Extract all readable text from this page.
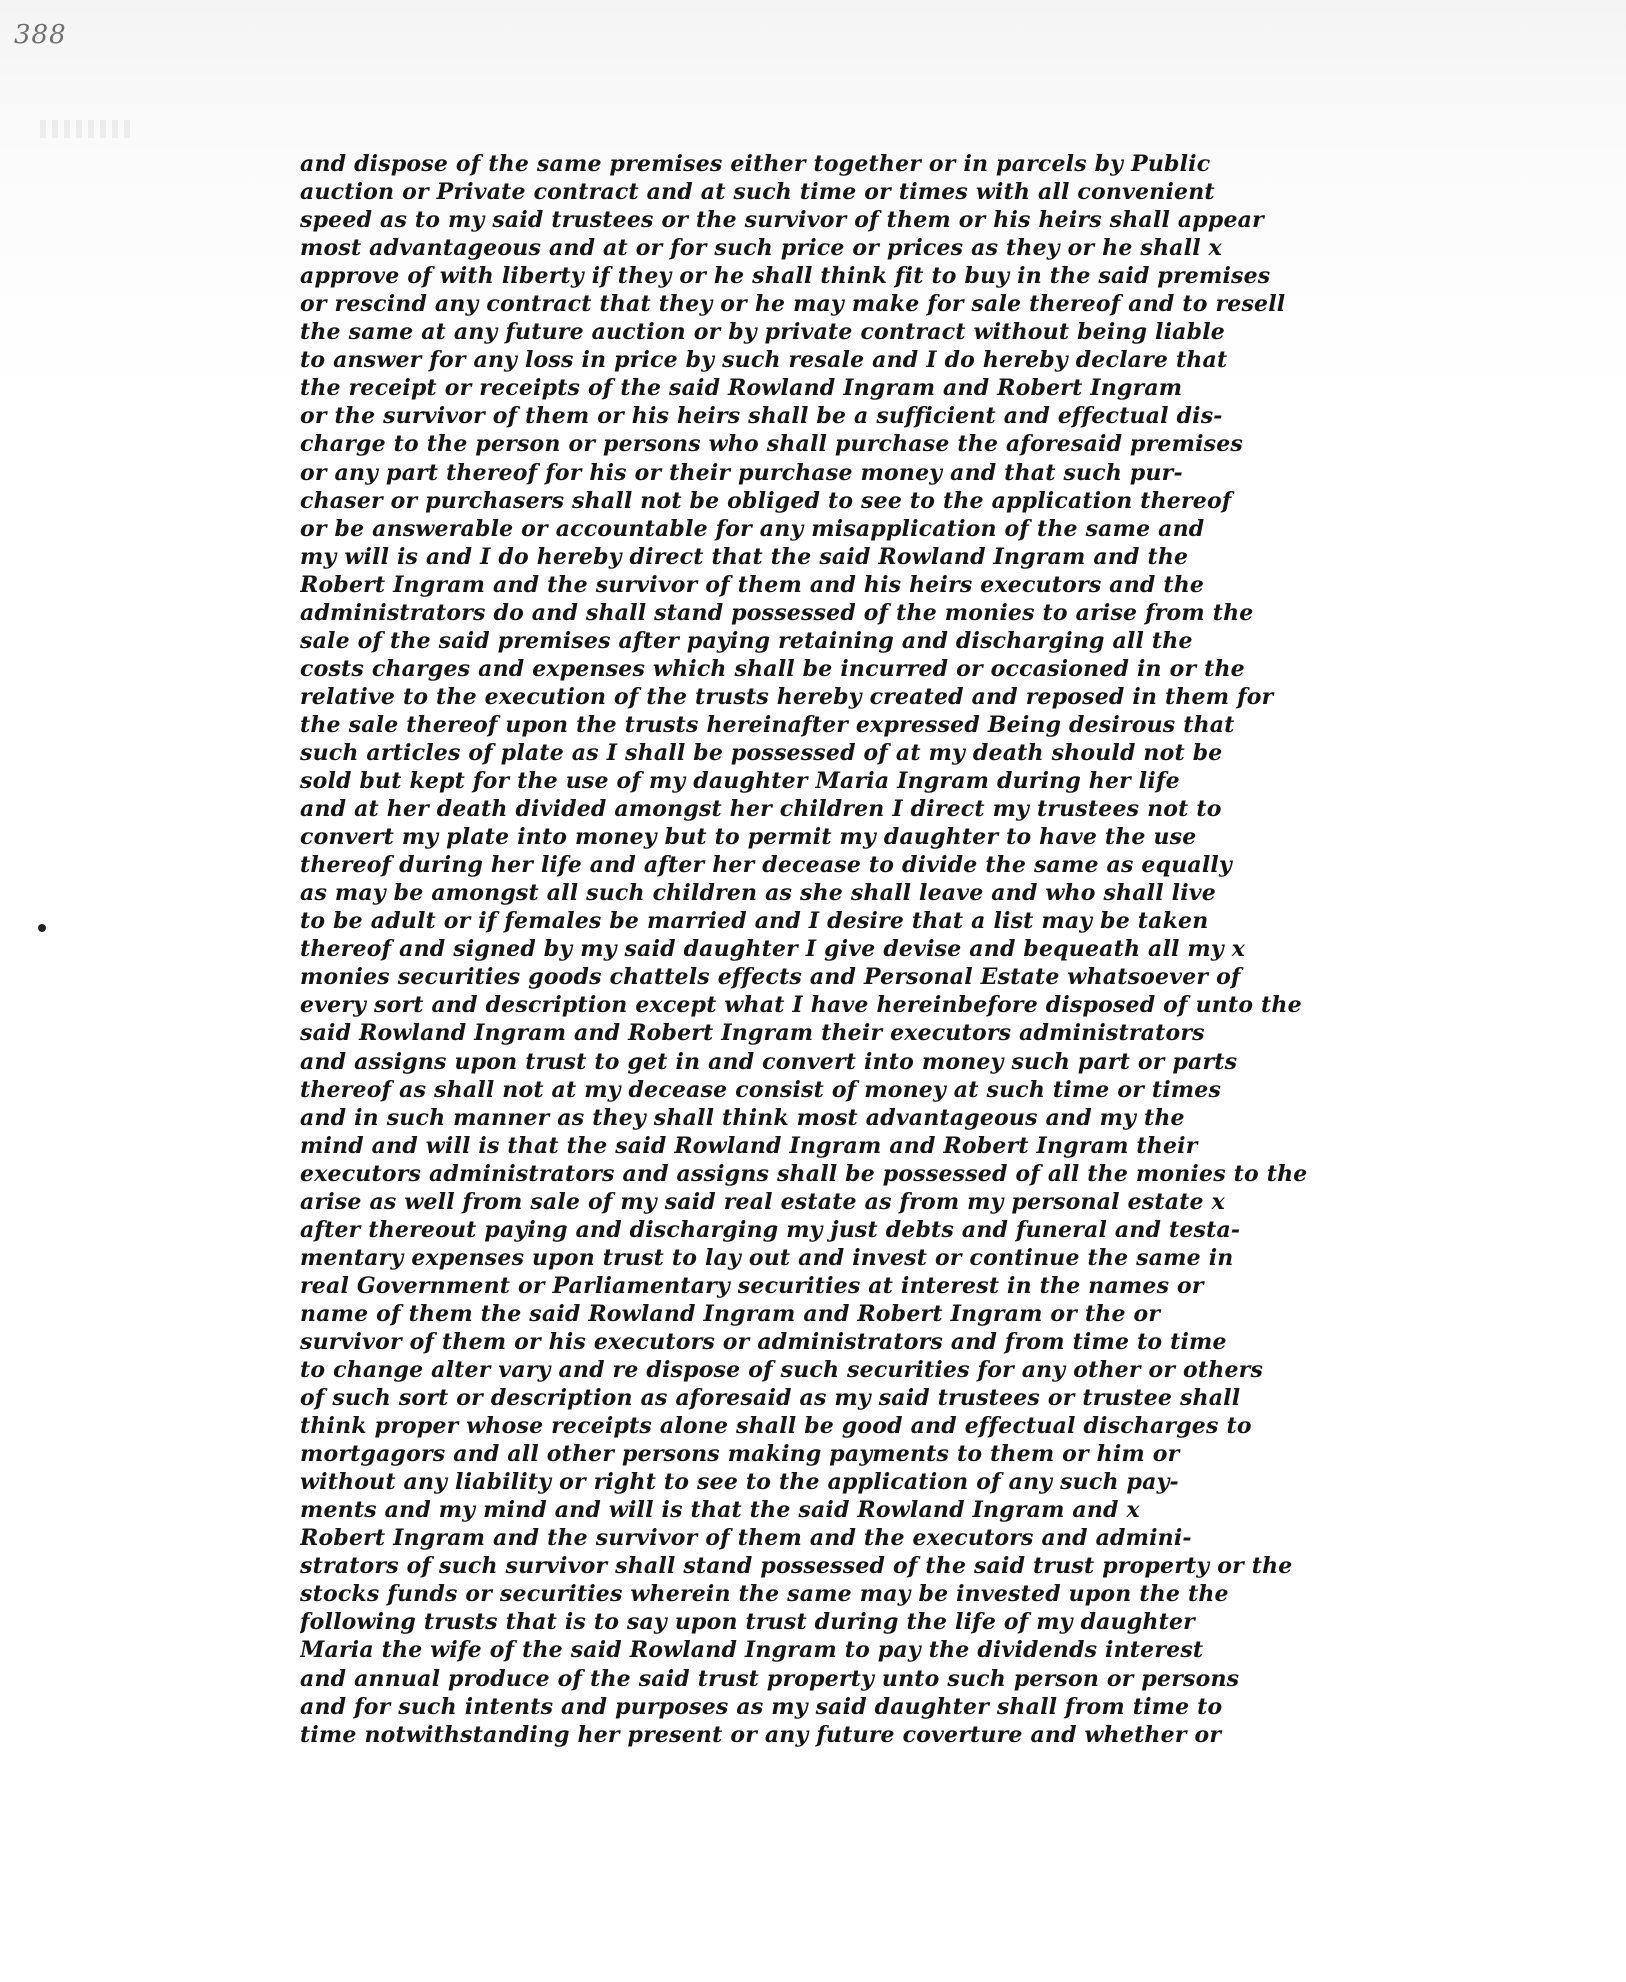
388
and dispose of the same premises either together or in parcels by Public
auction or Private contract and at such time or times with all convenient
speed as to my said trustees or the survivor of them or his heirs shall appear
most advantageous and at or for such price or prices as they or he shall x
approve of with liberty if they or he shall think fit to buy in the said premises
or rescind any contract that they or he may make for sale thereof and to resell
the same at any future auction or by private contract without being liable
to answer for any loss in price by such resale and I do hereby declare that
the receipt or receipts of the said Rowland Ingram and Robert Ingram
or the survivor of them or his heirs shall be a sufficient and effectual dis-
charge to the person or persons who shall purchase the aforesaid premises
or any part thereof for his or their purchase money and that such pur-
chaser or purchasers shall not be obliged to see to the application thereof
or be answerable or accountable for any misapplication of the same and
my will is and I do hereby direct that the said Rowland Ingram and the
Robert Ingram and the survivor of them and his heirs executors and the
administrators do and shall stand possessed of the monies to arise from the
sale of the said premises after paying retaining and discharging all the
costs charges and expenses which shall be incurred or occasioned in or the
relative to the execution of the trusts hereby created and reposed in them for
the sale thereof upon the trusts hereinafter expressed Being desirous that
such articles of plate as I shall be possessed of at my death should not be
sold but kept for the use of my daughter Maria Ingram during her life
and at her death divided amongst her children I direct my trustees not to
convert my plate into money but to permit my daughter to have the use
thereof during her life and after her decease to divide the same as equally
as may be amongst all such children as she shall leave and who shall live
to be adult or if females be married and I desire that a list may be taken
thereof and signed by my said daughter I give devise and bequeath all my x
monies securities goods chattels effects and Personal Estate whatsoever of
every sort and description except what I have hereinbefore disposed of unto the
said Rowland Ingram and Robert Ingram their executors administrators
and assigns upon trust to get in and convert into money such part or parts
thereof as shall not at my decease consist of money at such time or times
and in such manner as they shall think most advantageous and my the
mind and will is that the said Rowland Ingram and Robert Ingram their
executors administrators and assigns shall be possessed of all the monies to the
arise as well from sale of my said real estate as from my personal estate x
after thereout paying and discharging my just debts and funeral and testa-
mentary expenses upon trust to lay out and invest or continue the same in
real Government or Parliamentary securities at interest in the names or
name of them the said Rowland Ingram and Robert Ingram or the or
survivor of them or his executors or administrators and from time to time
to change alter vary and re dispose of such securities for any other or others
of such sort or description as aforesaid as my said trustees or trustee shall
think proper whose receipts alone shall be good and effectual discharges to
mortgagors and all other persons making payments to them or him or
without any liability or right to see to the application of any such pay-
ments and my mind and will is that the said Rowland Ingram and x
Robert Ingram and the survivor of them and the executors and admini-
strators of such survivor shall stand possessed of the said trust property or the
stocks funds or securities wherein the same may be invested upon the the
following trusts that is to say upon trust during the life of my daughter
Maria the wife of the said Rowland Ingram to pay the dividends interest
and annual produce of the said trust property unto such person or persons
and for such intents and purposes as my said daughter shall from time to
time notwithstanding her present or any future coverture and whether or
